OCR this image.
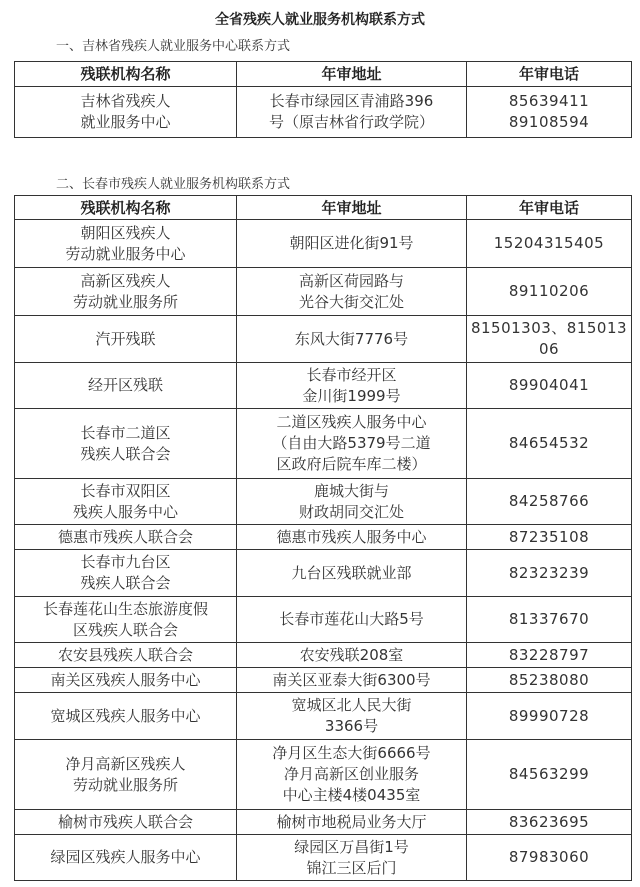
全省残疾人就业服务机构联系方式
一、吉林省残疾人就业服务中心联系方式
残联机构名称	年审地址	年审电话
吉林省残疾人
就业服务中心	长春市绿园区青浦路396
号（原吉林省行政学院）	85639411
89108594
二、长春市残疾人就业服务机构联系方式
残联机构名称	年审地址	年审电话
朝阳区残疾人
劳动就业服务中心	朝阳区进化街91号	15204315405
高新区残疾人
劳动就业服务所	高新区荷园路与
光谷大街交汇处	89110206
汽开残联	东风大街7776号	81501303、815013
06
经开区残联	长春市经开区
金川街1999号	89904041
长春市二道区
残疾人联合会	二道区残疾人服务中心
（自由大路5379号二道
区政府后院车库二楼）	84654532
长春市双阳区
残疾人服务中心	鹿城大街与
财政胡同交汇处	84258766
德惠市残疾人联合会	德惠市残疾人服务中心	87235108
长春市九台区
残疾人联合会	九台区残联就业部	82323239
长春莲花山生态旅游度假
区残疾人联合会	长春市莲花山大路5号	81337670
农安县残疾人联合会	农安残联208室	83228797
南关区残疾人服务中心	南关区亚泰大街6300号	85238080
宽城区残疾人服务中心	宽城区北人民大街
3366号	89990728
净月高新区残疾人
劳动就业服务所	净月区生态大街6666号
净月高新区创业服务
中心主楼4楼0435室	84563299
榆树市残疾人联合会	榆树市地税局业务大厅	83623695
绿园区残疾人服务中心	绿园区万昌街1号
锦江三区后门	87983060
